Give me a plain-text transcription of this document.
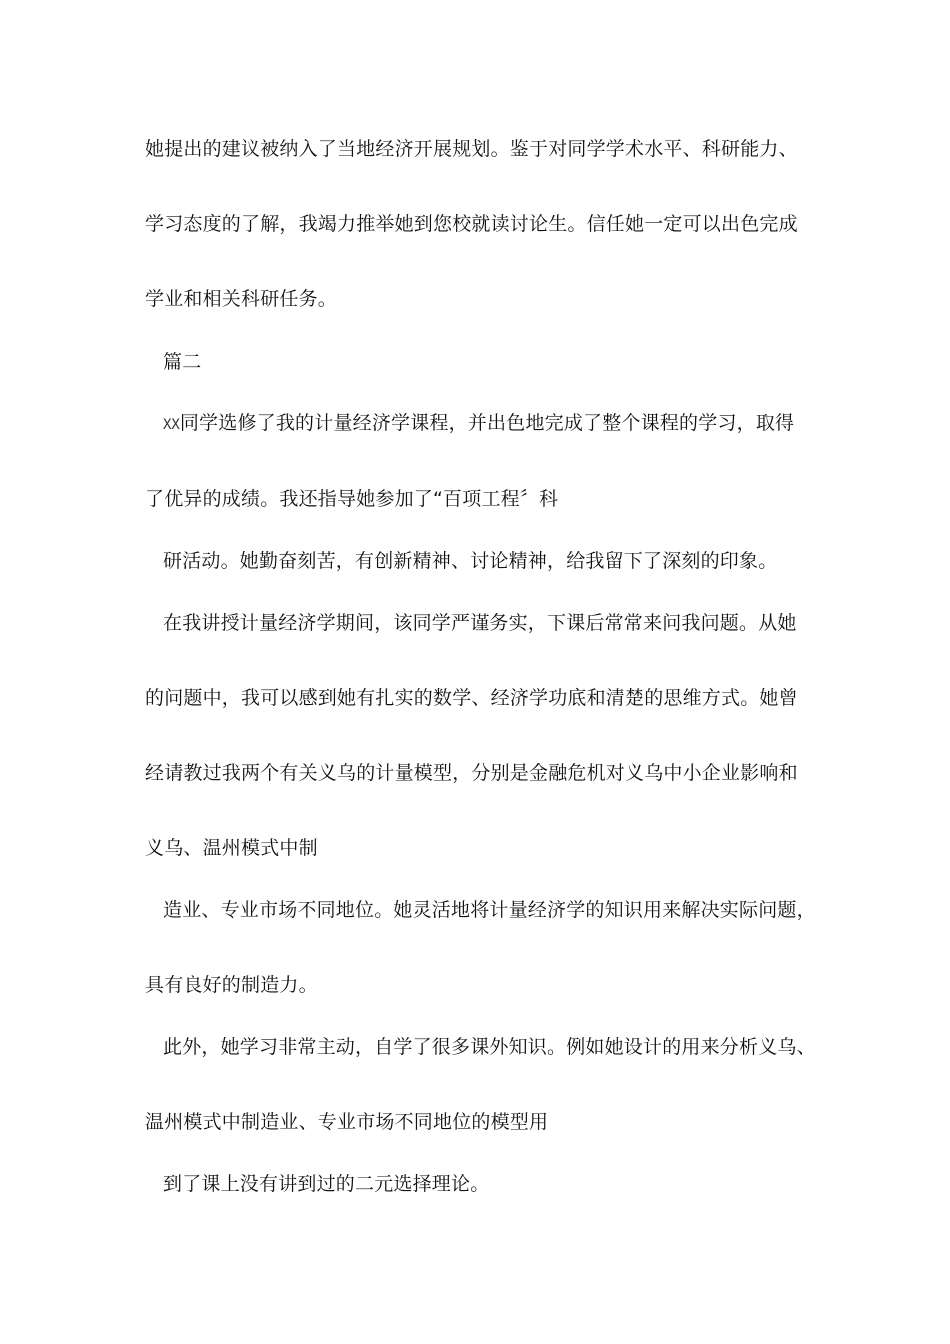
她提出的建议被纳入了当地经济开展规划。鉴于对同学学术水平、科研能力、
学习态度的了解，我竭力推举她到您校就读讨论生。信任她一定可以出色完成
学业和相关科研任务。
篇二
XX同学选修了我的计量经济学课程，并出色地完成了整个课程的学习，取得
了优异的成绩。我还指导她参加了“百项工程〞科
研活动。她勤奋刻苦，有创新精神、讨论精神，给我留下了深刻的印象。
在我讲授计量经济学期间，该同学严谨务实，下课后常常来问我问题。从她
的问题中，我可以感到她有扎实的数学、经济学功底和清楚的思维方式。她曾
经请教过我两个有关义乌的计量模型，分别是金融危机对义乌中小企业影响和
义乌、温州模式中制
造业、专业市场不同地位。她灵活地将计量经济学的知识用来解决实际问题，
具有良好的制造力。
此外，她学习非常主动，自学了很多课外知识。例如她设计的用来分析义乌、
温州模式中制造业、专业市场不同地位的模型用
到了课上没有讲到过的二元选择理论。
